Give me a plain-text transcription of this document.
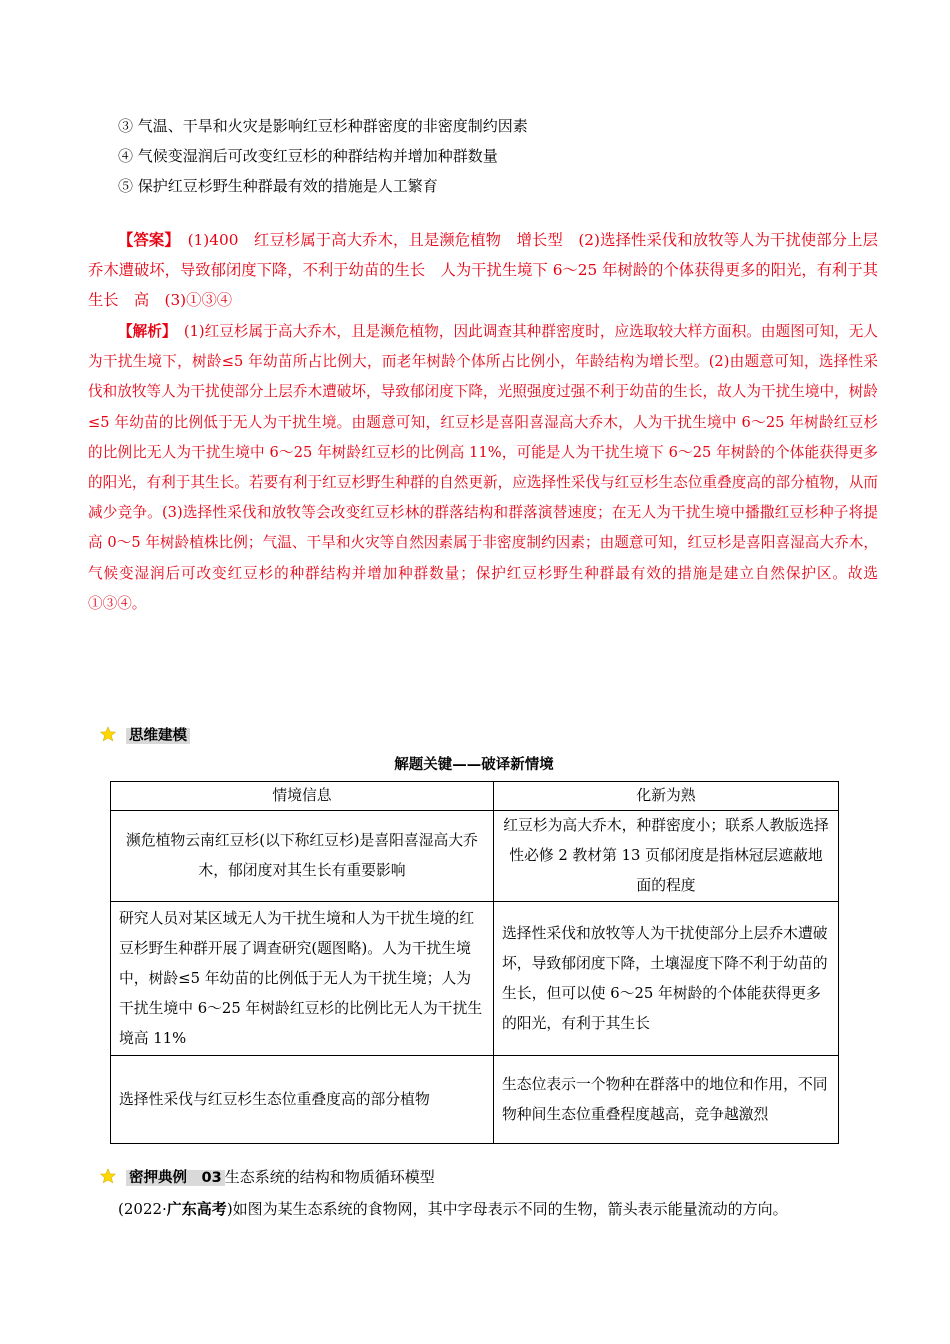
③ 气温、干旱和火灾是影响红豆杉种群密度的非密度制约因素
④ 气候变湿润后可改变红豆杉的种群结构并增加种群数量
⑤ 保护红豆杉野生种群最有效的措施是人工繁育

【答案】　 (1)400　红豆杉属于高大乔木，且是濒危植物　增长型　(2)选择性采伐和放牧等人为干扰使部分上层乔木遭破坏，导致郁闭度下降，不利于幼苗的生长　人为干扰生境下 6～25 年树龄的个体获得更多的阳光，有利于其生长　高　(3)①③④

【解析】　 (1)红豆杉属于高大乔木，且是濒危植物，因此调查其种群密度时，应选取较大样方面积。由题图可知，无人为干扰生境下，树龄≤5 年幼苗所占比例大，而老年树龄个体所占比例小，年龄结构为增长型。(2)由题意可知，选择性采伐和放牧等人为干扰使部分上层乔木遭破坏，导致郁闭度下降，光照强度过强不利于幼苗的生长，故人为干扰生境中，树龄≤5 年幼苗的比例低于无人为干扰生境。由题意可知，红豆杉是喜阳喜湿高大乔木，人为干扰生境中 6～25 年树龄红豆杉的比例比无人为干扰生境中 6～25 年树龄红豆杉的比例高 11%，可能是人为干扰生境下 6～25 年树龄的个体能获得更多的阳光，有利于其生长。若要有利于红豆杉野生种群的自然更新，应选择性采伐与红豆杉生态位重叠度高的部分植物，从而减少竞争。(3)选择性采伐和放牧等会改变红豆杉林的群落结构和群落演替速度；在无人为干扰生境中播撒红豆杉种子将提高 0～5 年树龄植株比例；气温、干旱和火灾等自然因素属于非密度制约因素；由题意可知，红豆杉是喜阳喜湿高大乔木，气候变湿润后可改变红豆杉的种群结构并增加种群数量；保护红豆杉野生种群最有效的措施是建立自然保护区。故选①③④。

思维建模
解题关键——破译新情境
情境信息	化新为熟
濒危植物云南红豆杉(以下称红豆杉)是喜阳喜湿高大乔木，郁闭度对其生长有重要影响	红豆杉为高大乔木，种群密度小；联系人教版选择性必修 2 教材第 13 页郁闭度是指林冠层遮蔽地面的程度
研究人员对某区域无人为干扰生境和人为干扰生境的红豆杉野生种群开展了调查研究(题图略)。人为干扰生境中，树龄≤5 年幼苗的比例低于无人为干扰生境；人为干扰生境中 6～25 年树龄红豆杉的比例比无人为干扰生境高 11%	选择性采伐和放牧等人为干扰使部分上层乔木遭破坏，导致郁闭度下降，土壤湿度下降不利于幼苗的生长，但可以使 6～25 年树龄的个体能获得更多的阳光，有利于其生长
选择性采伐与红豆杉生态位重叠度高的部分植物	生态位表示一个物种在群落中的地位和作用，不同物种间生态位重叠程度越高，竞争越激烈
密押典例　 03 生态系统的结构和物质循环模型
(2022·广东高考)如图为某生态系统的食物网，其中字母表示不同的生物，箭头表示能量流动的方向。
